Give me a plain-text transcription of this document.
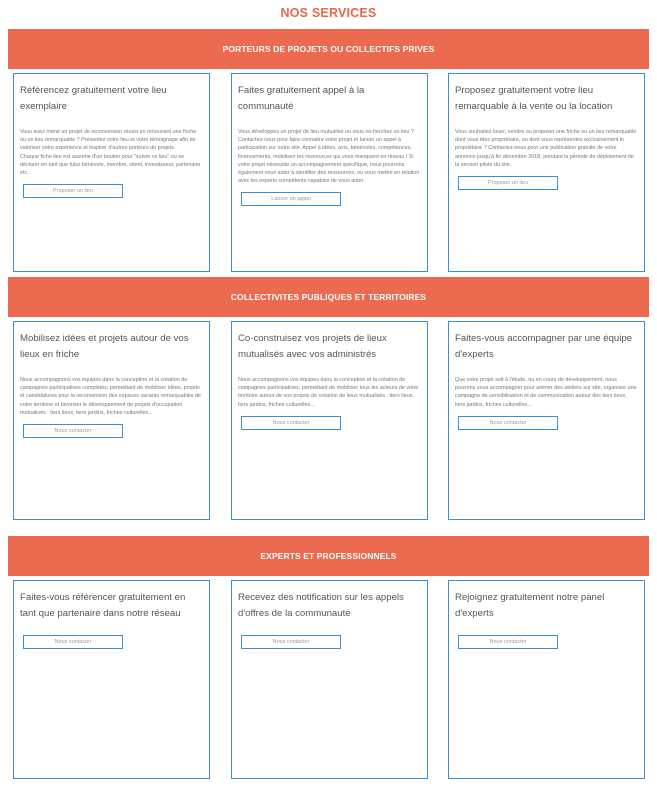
NOS SERVICES
PORTEURS DE PROJETS OU COLLECTIFS PRIVES
Référencez gratuitement votre lieu exemplaire
Vous avez mené un projet de reconversion réussi en renouvant une friche ou un lieu remarquable ? Présentez votre lieu et votre témoignage afin de valoriser votre expérience et inspirer d'autres porteurs de projets.
Chaque fiche lieu est assortie d'un bouton pour "suivre ce lieu" ou se déclarer en tant que futur bénévole, membre, client, investisseur, partenaire etc.
Proposer un lieu
Faites gratuitement appel à la communauté
Vous développez un projet de lieu mutualisé ou vous recherchez un lieu ? Contactez-nous pour faire connaitre votre projet et lancer un appel à participation sur notre site. Appel à idées, avis, bénévoles, compétences, financements, mobilisez les ressources qui vous manquent en réseau ! Si votre projet nécessite un accompagnement spécifique, nous pourrons également vous aider à identifier des ressources, ou vous mettre en relation avec les experts compétents capables de vous aider.
Lancer un appel
Proposez gratuitement votre lieu remarquable à la vente ou la location
Vous souhaitez louer, vendre ou proposer une friche ou un lieu remarquable dont vous êtes propriétaire, ou dont vous représentez exclusivement le propriétaire ? Contactez-nous pour une publication gratuite de votre annonce jusqu'à fin décembre 2018, pendant la période de déploiement de la version pilote du site.
Proposer un lieu
COLLECTIVITES PUBLIQUES ET TERRITOIRES
Mobilisez idées et projets autour de vos lieux en friche
Nous accompagnons vos équipes dans la conception et la création de campagnes participatives complètes, permettant de mobiliser idées, projets et candidatures pour la reconversion des espaces vacants remarquables de votre territoire et favoriser le développement de projets d'occupation mutualisés : tiers lieux, tiers jardins, friches culturelles...
Nous contacter
Co-construisez vos projets de lieux mutualisés avec vos administrés
Nous accompagnons vos équipes dans la conception et la création de campagnes participatives, permettant de mobiliser tous les acteurs de votre territoire autour de vos projets de création de lieux mutualisés : tiers lieux, tiers jardins, friches culturelles...
Nous contacter
Faites-vous accompagner par une équipe d'experts
Que votre projet soit à l'étude, ou en cours de développement, nous pouvons vous accompagner pour animer des ateliers sur site, organiser une campagne de sensibilisation et de communication autour des tiers lieux, tiers jardins, friches culturelles...
Nous contacter
EXPERTS ET PROFESSIONNELS
Faites-vous référencer gratuitement en tant que partenaire dans notre réseau
Nous contacter
Recevez des notification sur les appels d'offres de la communauté
Nous contacter
Rejoignez gratuitement notre panel d'experts
Nous contacter
